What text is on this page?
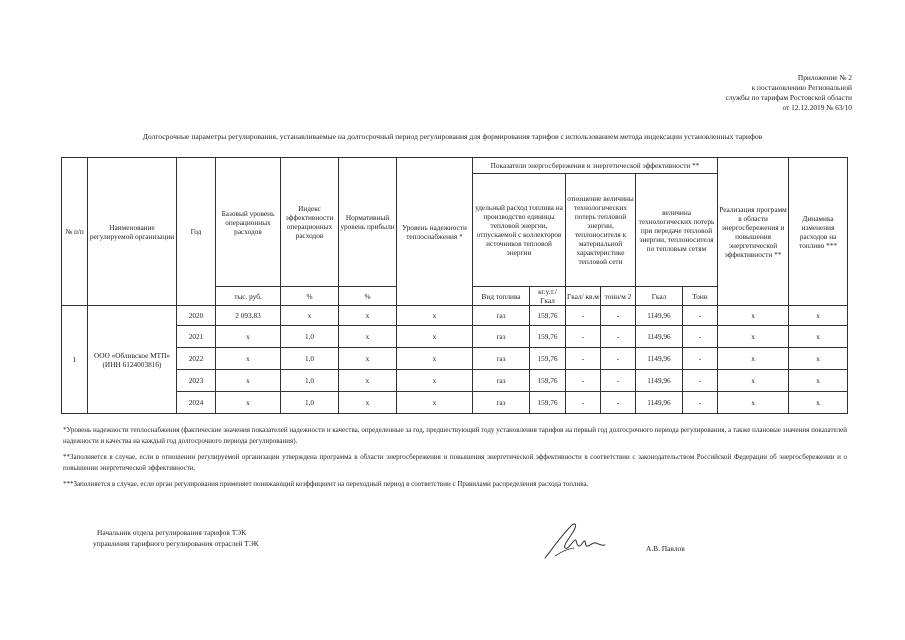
Приложение № 2
к постановлению Региональной
службы по тарифам Ростовской области
от 12.12.2019 № 63/10
Долгосрочные параметры регулирования, устанавливаемые на долгосрочный период регулирования для формирования тарифов с использованием метода индексации установленных тарифов
№ п/п	Наименование регулируемой организации	Год	Базовый уровень операционных расходов	Индекс эффективности операционных расходов	Нормативный уровень прибыли	Уровень надежности теплоснабжения *	Показатели энергосбережения и энергетической эффективности **						Реализация программ в области энергосбережения и повышения энергетической эффективности **	Динамика изменения расходов на топливо ***
							удельный расход топлива на производство единицы тепловой энергии, отпускаемой с коллекторов источников тепловой энергии		отношение величины технологических потерь тепловой энергии, теплоносителя к материальной характеристике тепловой сети		величина технологических потерь при передаче тепловой энергии, теплоносителя по тепловым сетям			
			тыс. руб.	%	%		Вид топлива	кг.у.т./ Гкал	Гкал/ кв.м	тонн/м 2	Гкал	Тонн		
1	ООО «Обливское МТП» (ИНН 6124003816)	2020	2 093,83	x	x	x	газ	159,76	-	-	1149,96	-	x	x
		2021	x	1,0	x	x	газ	159,76	-	-	1149,96	-	x	x
		2022	x	1,0	x	x	газ	159,76	-	-	1149,96	-	x	x
		2023	x	1,0	x	x	газ	159,76	-	-	1149,96	-	x	x
		2024	x	1,0	x	x	газ	159,76	-	-	1149,96	-	x	x

*Уровень надежности теплоснабжения (фактические значения показателей надежности и качества, определенные за год, предшествующий году установления тарифов на первый год долгосрочного периода регулирования, а также плановые значения показателей надежности и качества на каждый год долгосрочного периода регулирования).

**Заполняется в случае, если в отношении регулируемой организации утверждена программа в области энергосбережения и повышения энергетической эффективности в соответствии с законодательством Российской Федерации об энергосбережении и о повышении энергетической эффективности.

***Заполняется в случае, если орган регулирования применяет понижающий коэффициент на переходный период в соответствии с Правилами распределения расхода топлива.

Начальник отдела регулирования тарифов ТЭК
управления тарифного регулирования отраслей ТЭК
А.В. Павлов
